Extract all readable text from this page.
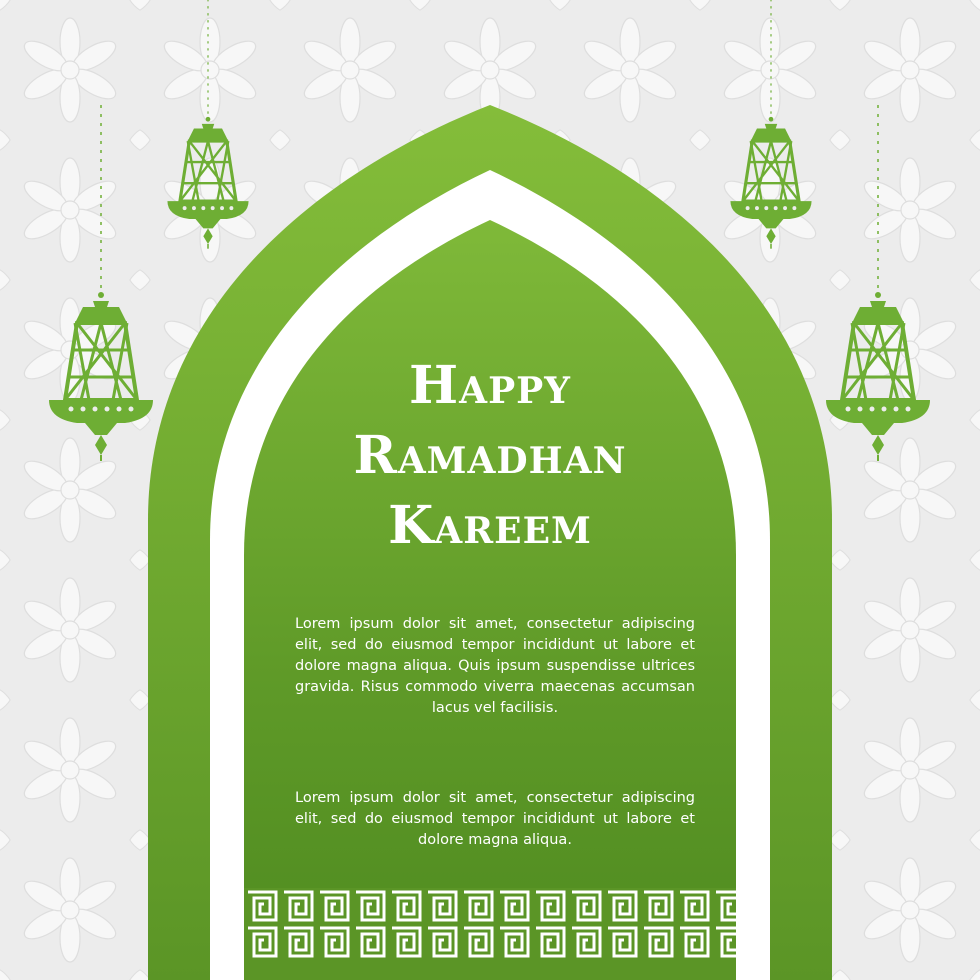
Happy
Ramadhan
Kareem

Lorem ipsum dolor sit amet, consectetur adipiscing elit, sed do eiusmod tempor incididunt ut labore et dolore magna aliqua. Quis ipsum suspendisse ultrices gravida. Risus commodo viverra maecenas accumsan lacus vel facilisis.

Lorem ipsum dolor sit amet, consectetur adipiscing elit, sed do eiusmod tempor incididunt ut labore et dolore magna aliqua.
